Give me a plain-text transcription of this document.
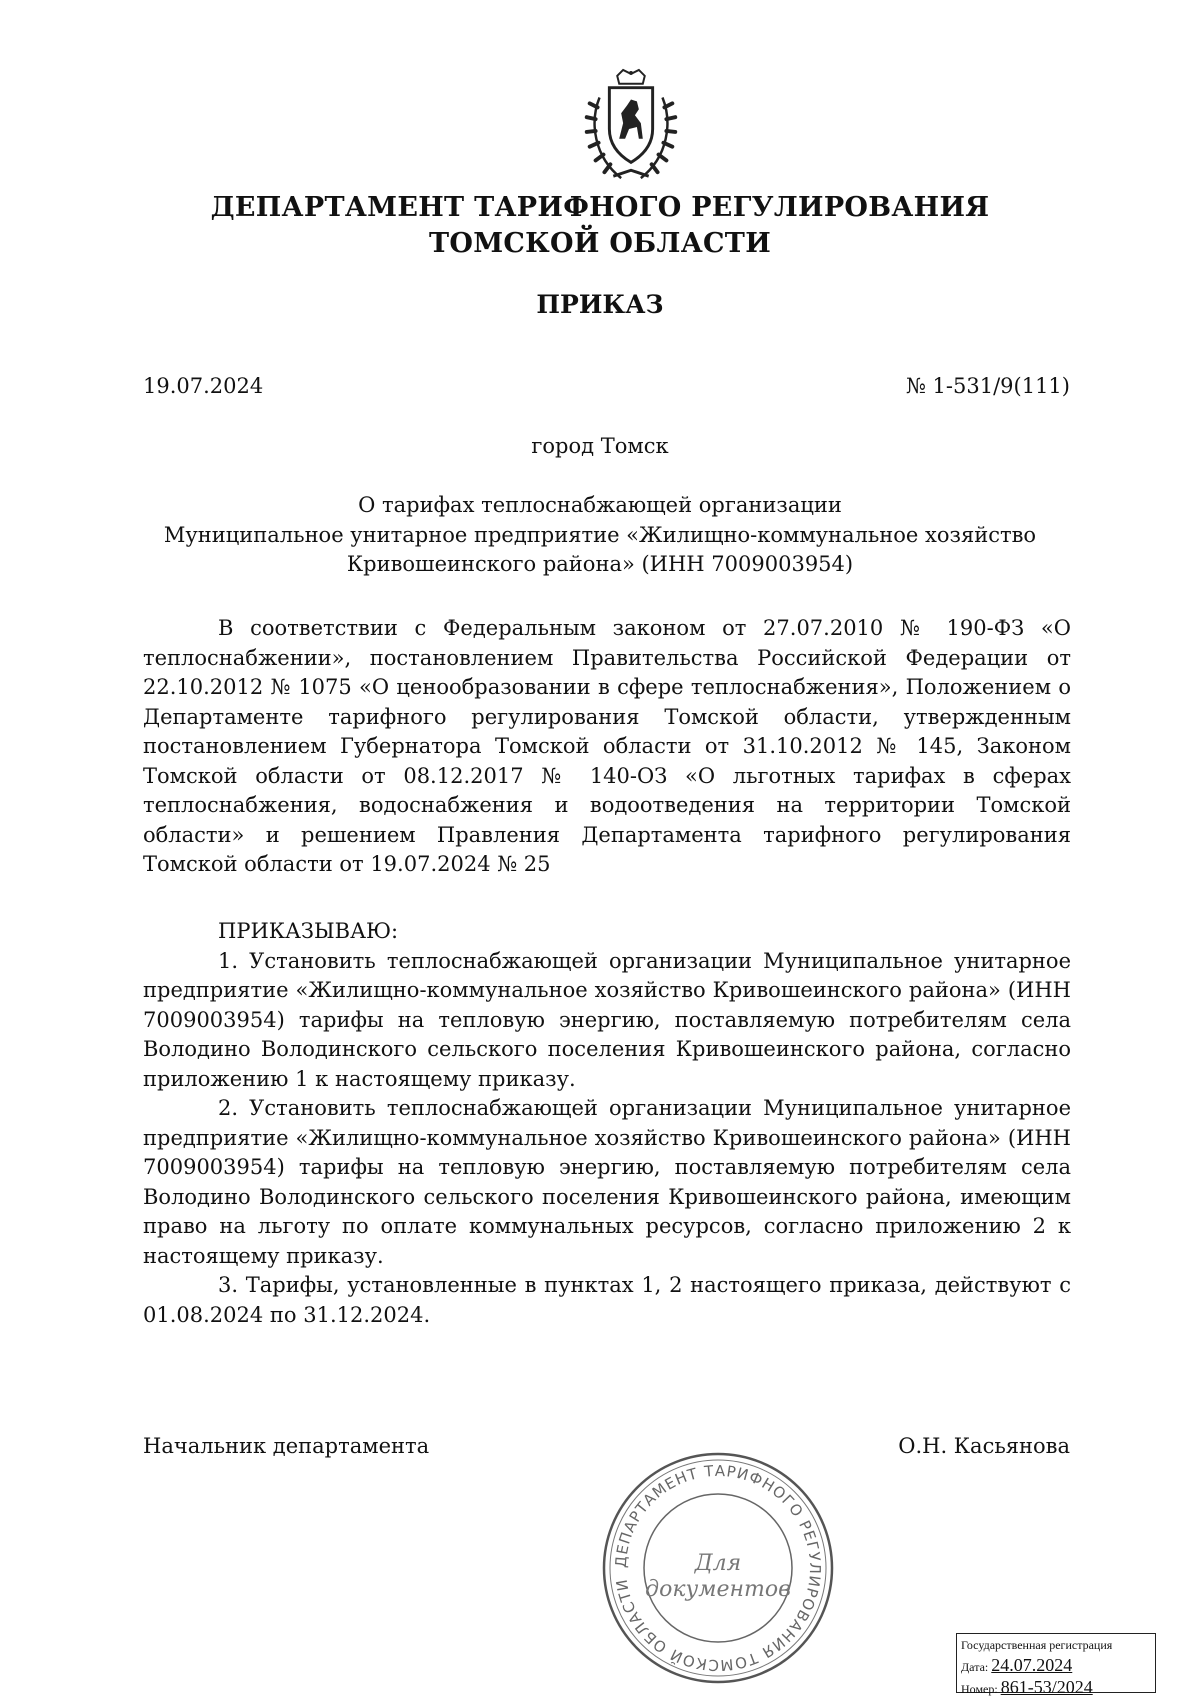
ДЕПАРТАМЕНТ ТАРИФНОГО РЕГУЛИРОВАНИЯ
ТОМСКОЙ ОБЛАСТИ
ПРИКАЗ
19.07.2024	№ 1-531/9(111)
город Томск
О тарифах теплоснабжающей организации
Муниципальное унитарное предприятие «Жилищно-коммунальное хозяйство
Кривошеинского района» (ИНН 7009003954)

В соответствии с Федеральным законом от 27.07.2010 № 190-ФЗ «О теплоснабжении», постановлением Правительства Российской Федерации от 22.10.2012 № 1075 «О ценообразовании в сфере теплоснабжения», Положением о Департаменте тарифного регулирования Томской области, утвержденным постановлением Губернатора Томской области от 31.10.2012 № 145, Законом Томской области от 08.12.2017 № 140-ОЗ «О льготных тарифах в сферах теплоснабжения, водоснабжения и водоотведения на территории Томской области» и решением Правления Департамента тарифного регулирования Томской области от 19.07.2024 № 25

ПРИКАЗЫВАЮ:

1. Установить теплоснабжающей организации Муниципальное унитарное предприятие «Жилищно-коммунальное хозяйство Кривошеинского района» (ИНН 7009003954) тарифы на тепловую энергию, поставляемую потребителям села Володино Володинского сельского поселения Кривошеинского района, согласно приложению 1 к настоящему приказу.

2. Установить теплоснабжающей организации Муниципальное унитарное предприятие «Жилищно-коммунальное хозяйство Кривошеинского района» (ИНН 7009003954) тарифы на тепловую энергию, поставляемую потребителям села Володино Володинского сельского поселения Кривошеинского района, имеющим право на льготу по оплате коммунальных ресурсов, согласно приложению 2 к настоящему приказу.

3. Тарифы, установленные в пунктах 1, 2 настоящего приказа, действуют с 01.08.2024 по 31.12.2024.

Начальник департамента	О.Н. Касьянова
ДЕПАРТАМЕНТ ТАРИФНОГО РЕГУЛИРОВАНИЯ ТОМСКОЙ ОБЛАСТИ
Для
документов
Государственная регистрация
Дата: 24.07.2024
Номер: 861-53/2024
